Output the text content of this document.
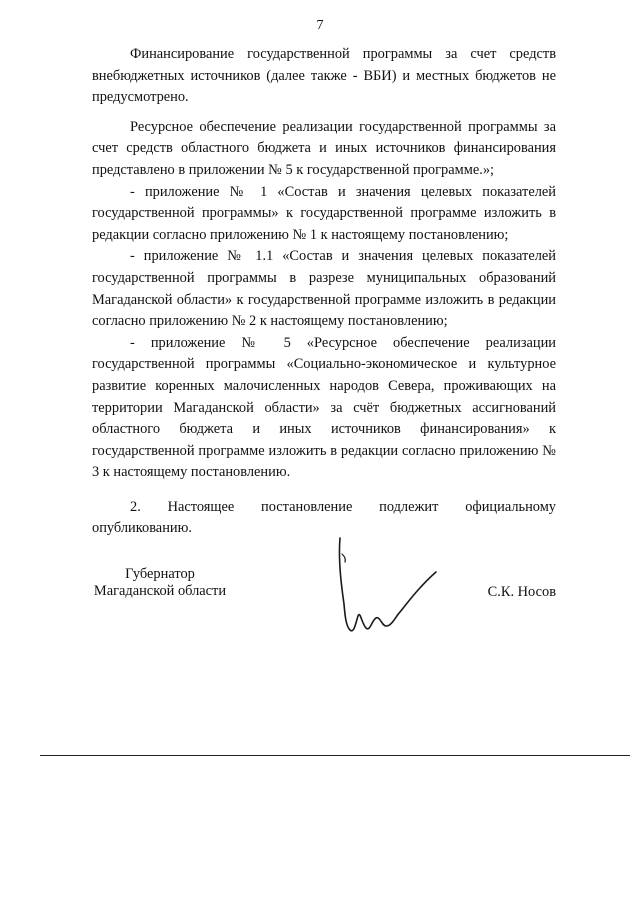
7

Финансирование государственной программы за счет средств внебюджетных источников (далее также - ВБИ) и местных бюджетов не предусмотрено.

Ресурсное обеспечение реализации государственной программы за счет средств областного бюджета и иных источников финансирования представлено в приложении № 5 к государственной программе.»;

- приложение № 1 «Состав и значения целевых показателей государственной программы» к государственной программе изложить в редакции согласно приложению № 1 к настоящему постановлению;

- приложение № 1.1 «Состав и значения целевых показателей государственной программы в разрезе муниципальных образований Магаданской области» к государственной программе изложить в редакции согласно приложению № 2 к настоящему постановлению;

- приложение № 5 «Ресурсное обеспечение реализации государственной программы «Социально-экономическое и культурное развитие коренных малочисленных народов Севера, проживающих на территории Магаданской области» за счёт бюджетных ассигнований областного бюджета и иных источников финансирования» к государственной программе изложить в редакции согласно приложению № 3 к настоящему постановлению.

2. Настоящее постановление подлежит официальному опубликованию.

Губернатор
Магаданской области	С.К. Носов
